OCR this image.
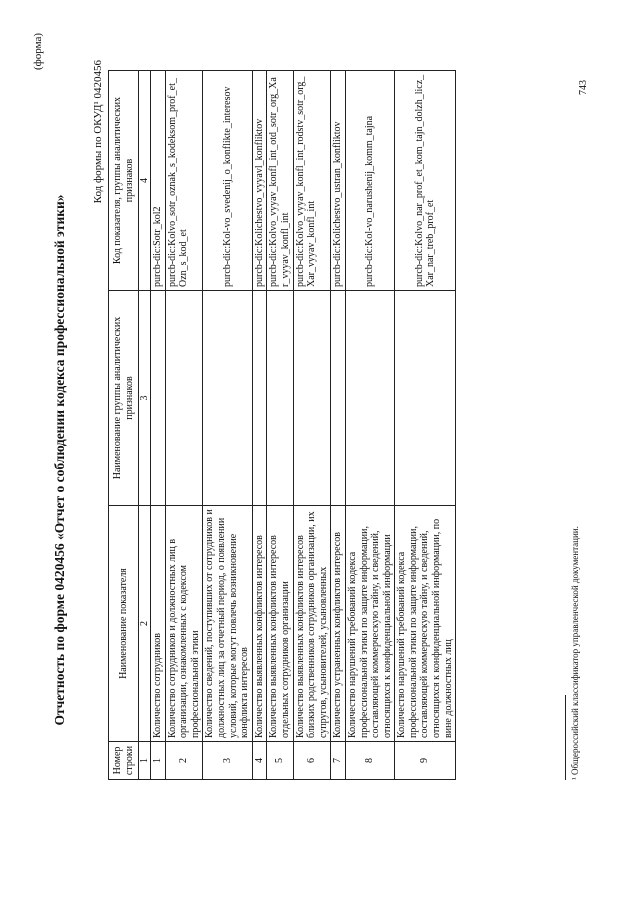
(форма)
Отчетность по форме 0420456 «Отчет о соблюдении кодекса профессиональной этики»
Код формы по ОКУД¹ 0420456
Номер строки	Наименование показателя	Наименование группы аналитических признаков	Код показателя, группы аналитических признаков
1	2	3	4
1	Количество сотрудников		purcb-dic:Sotr_kol2
2	Количество сотрудников и должностных лиц в организации, ознакомленных с кодексом профессиональной этики		purcb-dic:Kolvo_sotr_oznak_s_kodeksom_prof_et_Ozn_s_kod_et
3	Количество сведений, поступивших от сотрудников и должностных лиц за отчетный период, о появлении условий, которые могут повлечь возникновение конфликта интересов		purcb-dic:Kol-vo_svedenij_o_konflikte_interesov
4	Количество выявленных конфликтов интересов		purcb-dic:Kolichestvo_vyyavl_konfliktov
5	Количество выявленных конфликтов интересов отдельных сотрудников организации		purcb-dic:Kolvo_vyyav_konfl_int_otd_sotr_org_Xar_vyyav_konfl_int
6	Количество выявленных конфликтов интересов близких родственников сотрудников организации, их супругов, усыновителей, усыновленных		purcb-dic:Kolvo_vyyav_konfl_int_rodstv_sotr_org_Xar_vyyav_konfl_int
7	Количество устраненных конфликтов интересов		purcb-dic:Kolichestvo_ustran_konfliktov
8	Количество нарушений требований кодекса профессиональной этики по защите информации, составляющей коммерческую тайну, и сведений, относящихся к конфиденциальной информации		purcb-dic:Kol-vo_narushenij_komm_tajna
9	Количество нарушений требований кодекса профессиональной этики по защите информации, составляющей коммерческую тайну, и сведений, относящихся к конфиденциальной информации, по вине должностных лиц		purcb-dic:Kolvo_nar_prof_et_kom_tajn_dolzh_licz_Xar_nar_treb_prof_et
¹ Общероссийский классификатор управленческой документации.
743
